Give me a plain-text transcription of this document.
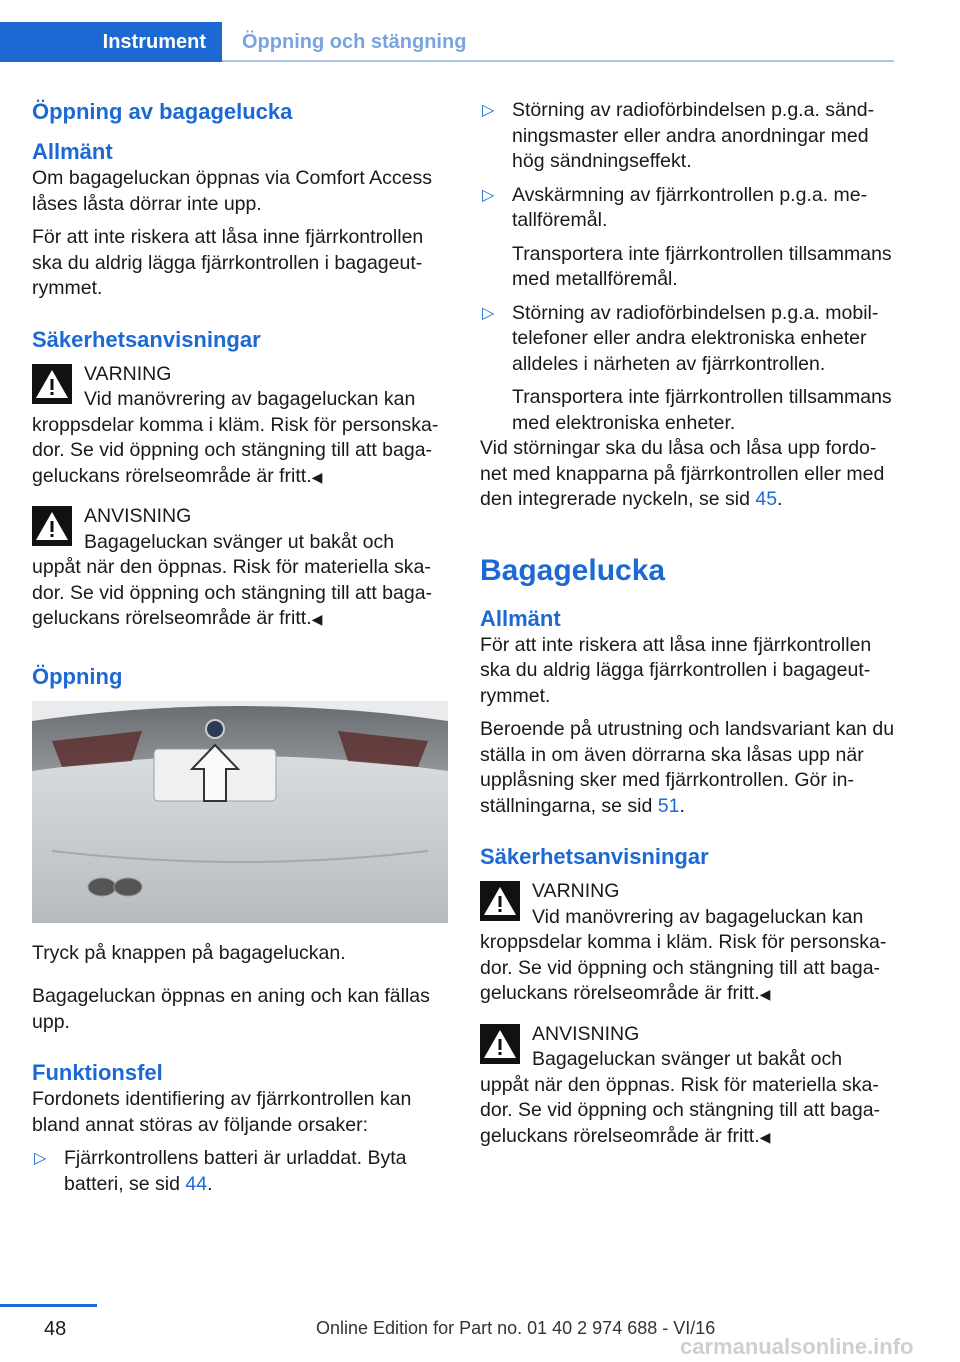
Instrument	Öppning och stängning
Öppning av bagagelucka
Allmänt

Om bagageluckan öppnas via Comfort Access låses låsta dörrar inte upp.

För att inte riskera att låsa inne fjärrkontrollen ska du aldrig lägga fjärrkontrollen i bagageutrymmet.

Säkerhetsanvisningar
VARNING
Vid manövrering av bagageluckan kan kroppsdelar komma i kläm. Risk för personskador. Se vid öppning och stängning till att bagageluckans rörelseområde är fritt.◀
ANVISNING
Bagageluckan svänger ut bakåt och uppåt när den öppnas. Risk för materiella skador. Se vid öppning och stängning till att bagageluckans rörelseområde är fritt.◀
Öppning

Tryck på knappen på bagageluckan.

Bagageluckan öppnas en aning och kan fällas upp.

Funktionsfel

Fordonets identifiering av fjärrkontrollen kan bland annat störas av följande orsaker:

▷ Fjärrkontrollens batteri är urladdat. Byta batteri, se sid 44.
▷ Störning av radioförbindelsen p.g.a. sändningsmaster eller andra anordningar med hög sändningseffekt.

▷ Avskärmning av fjärrkontrollen p.g.a. metallföremål.

Transportera inte fjärrkontrollen tillsammans med metallföremål.

▷ Störning av radioförbindelsen p.g.a. mobiltelefoner eller andra elektroniska enheter alldeles i närheten av fjärrkontrollen.

Transportera inte fjärrkontrollen tillsammans med elektroniska enheter.

Vid störningar ska du låsa och låsa upp fordonet med knapparna på fjärrkontrollen eller med den integrerade nyckeln, se sid 45.

Bagagelucka
Allmänt

För att inte riskera att låsa inne fjärrkontrollen ska du aldrig lägga fjärrkontrollen i bagageutrymmet.

Beroende på utrustning och landsvariant kan du ställa in om även dörrarna ska låsas upp när upplåsning sker med fjärrkontrollen. Gör inställningarna, se sid 51.

Säkerhetsanvisningar
VARNING
Vid manövrering av bagageluckan kan kroppsdelar komma i kläm. Risk för personskador. Se vid öppning och stängning till att bagageluckans rörelseområde är fritt.◀
ANVISNING
Bagageluckan svänger ut bakåt och uppåt när den öppnas. Risk för materiella skador. Se vid öppning och stängning till att bagageluckans rörelseområde är fritt.◀
48	Online Edition for Part no. 01 40 2 974 688 - VI/16
carmanualsonline.info
